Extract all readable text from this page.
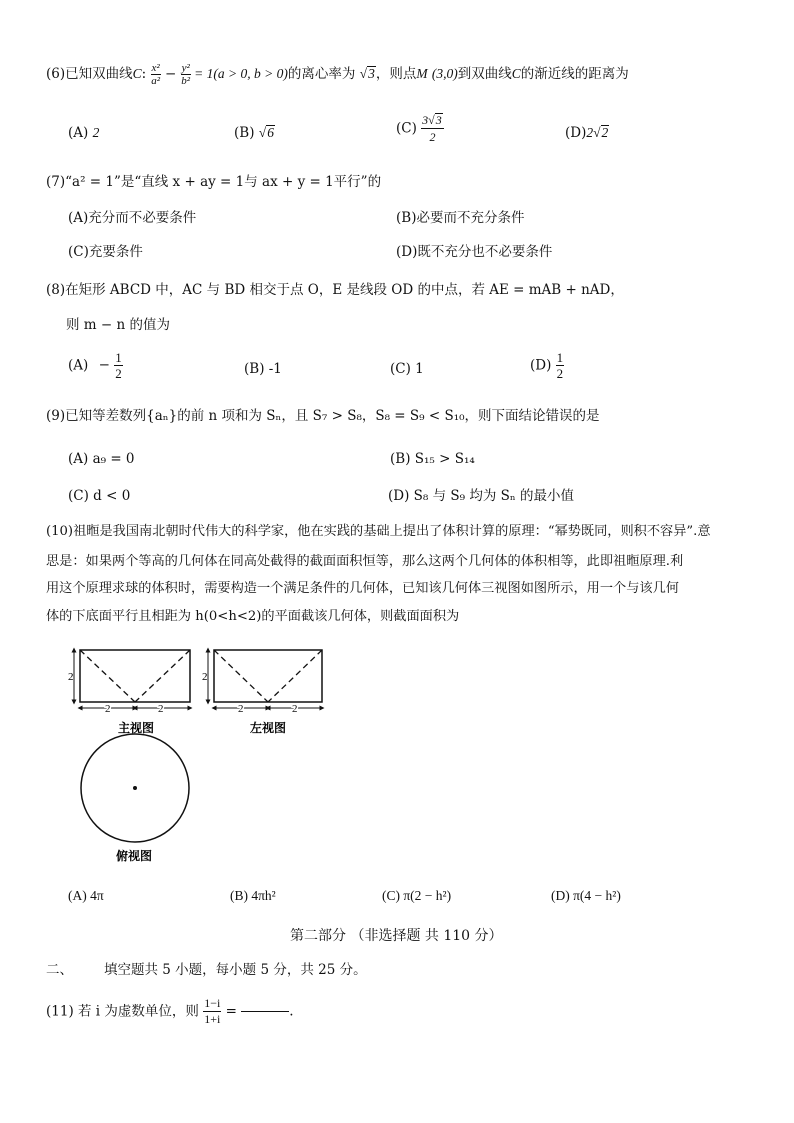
(6)已知双曲线C: $\frac{\text{x²}}{\text{a²}} - \frac{\text{y²}}{\text{b²}} = 1(a > 0$, b > 0)的离心率为 √3，则点M (3,0)到双曲线C的渐近线的距离为
(A) 2	(B) √6	$(C) \frac{3√3}{2}$	(D)2√2
(7)“a² = 1”是“直线 x + ay = 1与 ax + y = 1平行”的
(A)充分而不必要条件	(B)必要而不充分条件
(C)充要条件	(D)既不充分也不必要条件
(8)在矩形 ABCD 中，AC 与 BD 相交于点 O，E 是线段 OD 的中点，若 AE = mAB + nAD，
则 m − n 的值为
$(A) - \frac{1}{2}$	(B) -1	(C) 1	$(D) \frac{1}{2}$
(9)已知等差数列{aₙ}的前 n 项和为 Sₙ，且 S₇ > S₈，S₈ = S₉ < S₁₀，则下面结论错误的是
(A) a₉ = 0	(B) S₁₅ > S₁₄
(C) d < 0	(D) S₈ 与 S₉ 均为 Sₙ 的最小值
(10)祖暅是我国南北朝时代伟大的科学家，他在实践的基础上提出了体积计算的原理：“幂势既同，则积不容异”.意
思是：如果两个等高的几何体在同高处截得的截面面积恒等，那么这两个几何体的体积相等，此即祖暅原理.利
用这个原理求球的体积时，需要构造一个满足条件的几何体，已知该几何体三视图如图所示，用一个与该几何
体的下底面平行且相距为 h(0<h<2)的平面截该几何体，则截面面积为
2
2	2
主视图
2
2	2
左视图
俯视图
(A) 4π	(B) 4πh²	(C) π(2 − h²)	(D) π(4 − h²)
第二部分 （非选择题 共 110 分）
二、 填空题共 5 小题，每小题 5 分，共 25 分。
(11) 若 i 为虚数单位，则 $\frac{1-i}{1+i}$ =	.
